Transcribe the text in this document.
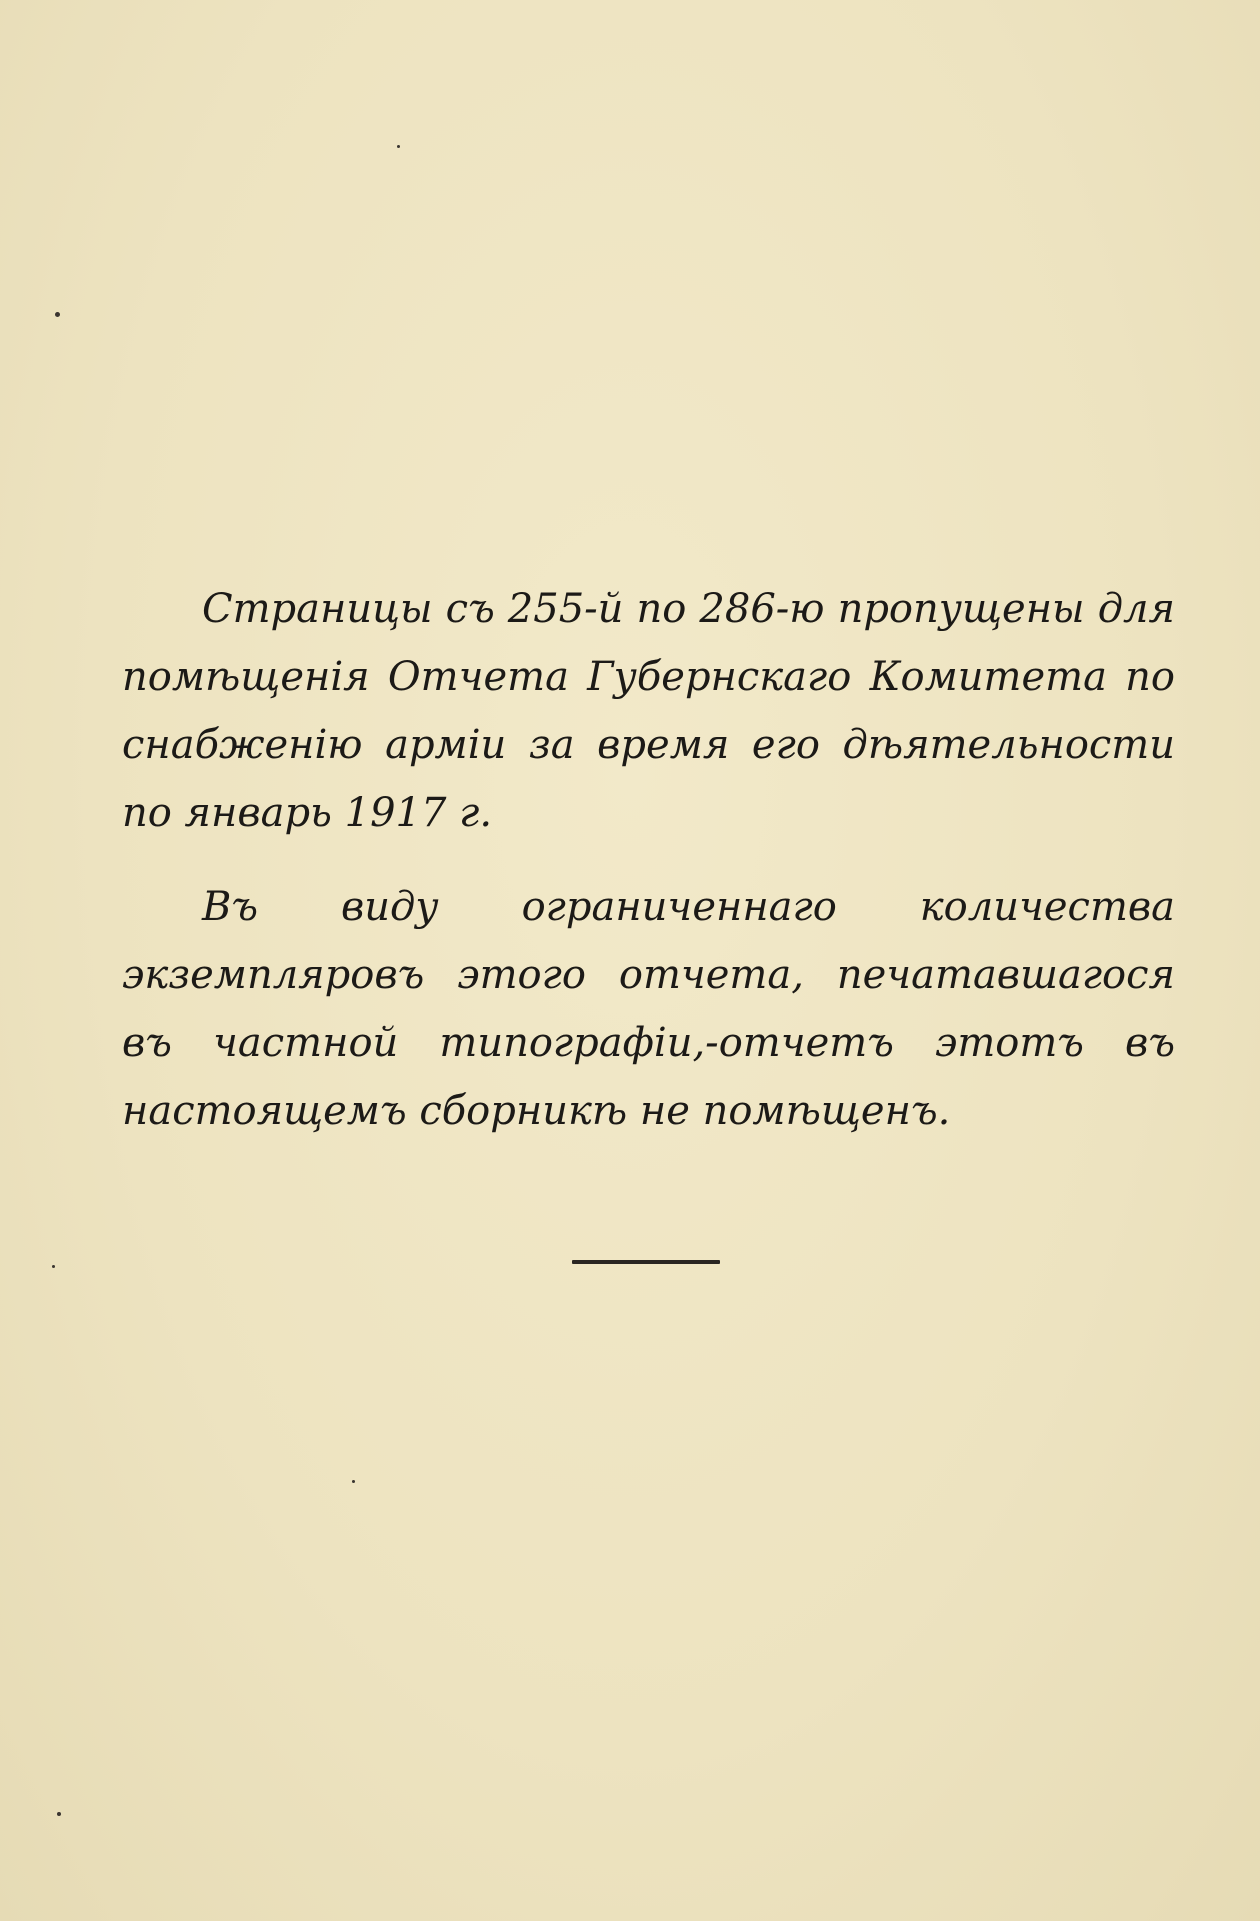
Страницы съ 255-й по 286-ю пропущены для помѣщенія Отчета Губернскаго Комитета по снабженію арміи за время его дѣятельности по январь 1917 г.

Въ виду ограниченнаго количества экземпляровъ этого отчета, печатавшагося въ частной типографіи,-отчетъ этотъ въ настоящемъ сборникѣ не помѣщенъ.
